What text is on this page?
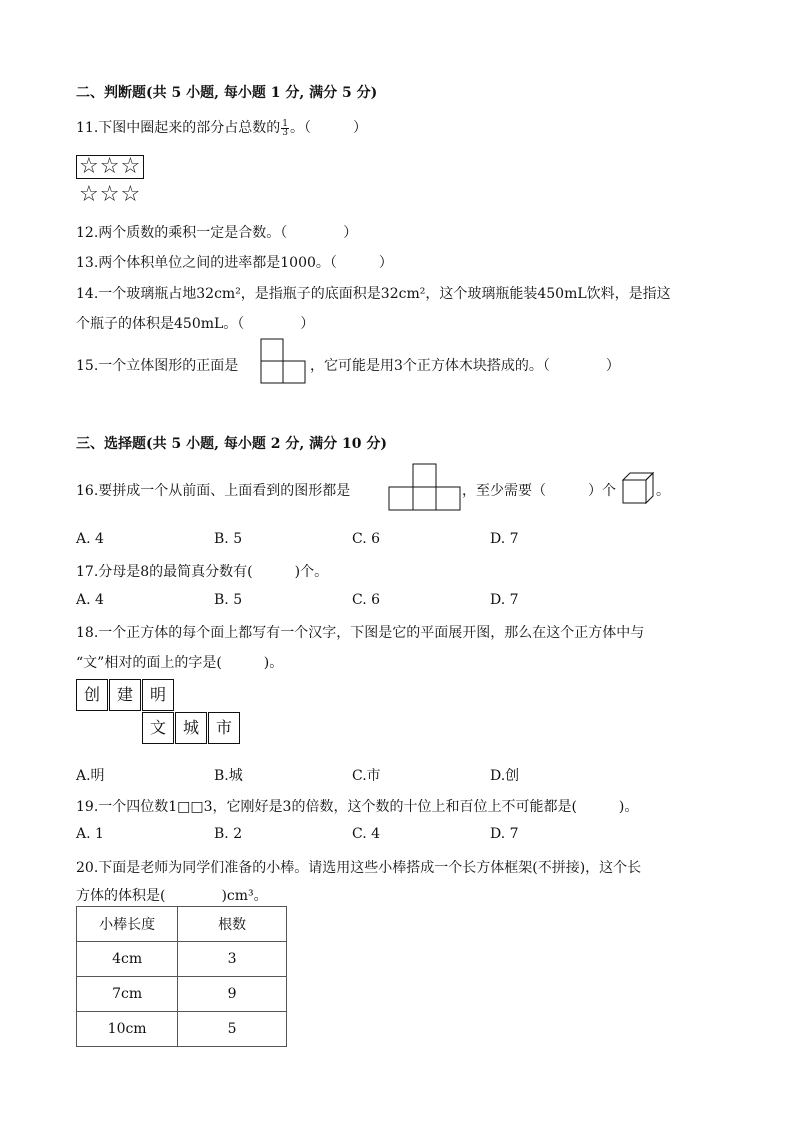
二、判断题(共 5 小题, 每小题 1 分, 满分 5 分)
11.下图中圈起来的部分占总数的 $\frac{1}{3}$ 。（　　　）
☆☆☆
☆☆☆
12.两个质数的乘积一定是合数。（　　　　）
13.两个体积单位之间的进率都是1000。（　　　）
14.一个玻璃瓶占地32cm²，是指瓶子的底面积是32cm²，这个玻璃瓶能装450mL饮料，是指这
个瓶子的体积是450mL。（　　　　）
15.一个立体图形的正面是	，它可能是用3个正方体木块搭成的。（　　　　）
三、选择题(共 5 小题, 每小题 2 分, 满分 10 分)
16.要拼成一个从前面、上面看到的图形都是	，至少需要（　　　）个	。
A. 4	B. 5	C. 6	D. 7
17.分母是8的最简真分数有(　　　)个。
A. 4	B. 5	C. 6	D. 7
18.一个正方体的每个面上都写有一个汉字，下图是它的平面展开图，那么在这个正方体中与
“文”相对的面上的字是(　　　)。
创	建	明
文	城	市
A.明	B.城	C.市	D.创
19.一个四位数1□□3，它刚好是3的倍数，这个数的十位上和百位上不可能都是(　　　)。
A. 1	B. 2	C. 4	D. 7
20.下面是老师为同学们准备的小棒。请选用这些小棒搭成一个长方体框架(不拼接)，这个长
方体的体积是(　　　　)cm³。
小棒长度	根数
4cm	3
7cm	9
10cm	5
